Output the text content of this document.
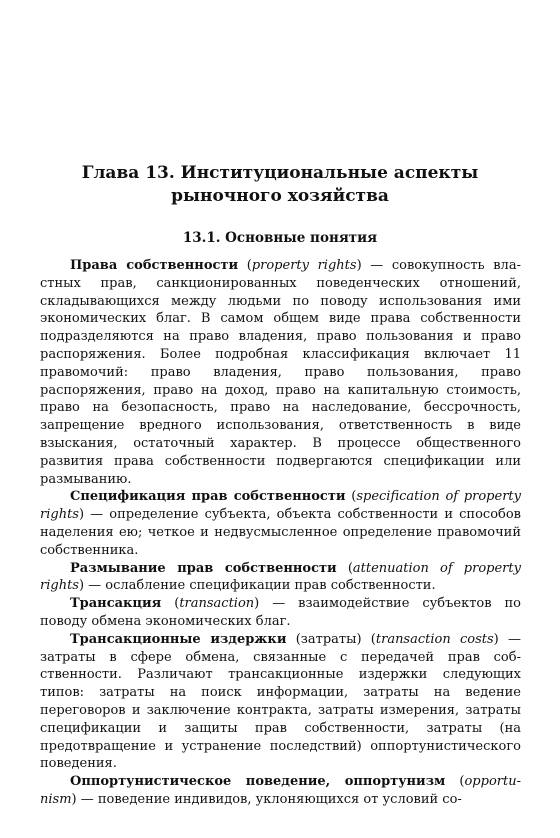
Глава 13. Институциональные аспекты
рыночного хозяйства
13.1. Основные понятия

Права собственности (property rights) — совокупность властных прав, санкционированных поведенческих отношений, складывающихся между людьми по поводу использования ими экономических благ. В самом общем виде права собственности подразделяются на право владения, право пользования и право распоряжения. Более подробная классификация включает 11 правомочий: право владения, право пользования, право распоряжения, право на доход, право на капитальную стоимость, право на безопасность, право на наследование, бессрочность, запрещение вредного использования, ответственность в виде взыскания, остаточный характер. В процессе общественного развития права собственности подвергаются спецификации или размыванию.

Спецификация прав собственности (specification of property rights) — определение субъекта, объекта собственности и способов наделения ею; четкое и недвусмысленное определение правомочий собственника.

Размывание прав собственности (attenuation of property rights) — ослабление спецификации прав собственности.

Трансакция (transaction) — взаимодействие субъектов по поводу обмена экономических благ.

Трансакционные издержки (затраты) (transaction costs) — затраты в сфере обмена, связанные с передачей прав собственности. Различают трансакционные издержки следующих типов: затраты на поиск информации, затраты на ведение переговоров и заключение контракта, затраты измерения, затраты спецификации и защиты прав собственности, затраты (на предотвращение и устранение последствий) оппортунистического поведения.

Оппортунистическое поведение, оппортунизм (opportunism) — поведение индивидов, уклоняющихся от условий со-
